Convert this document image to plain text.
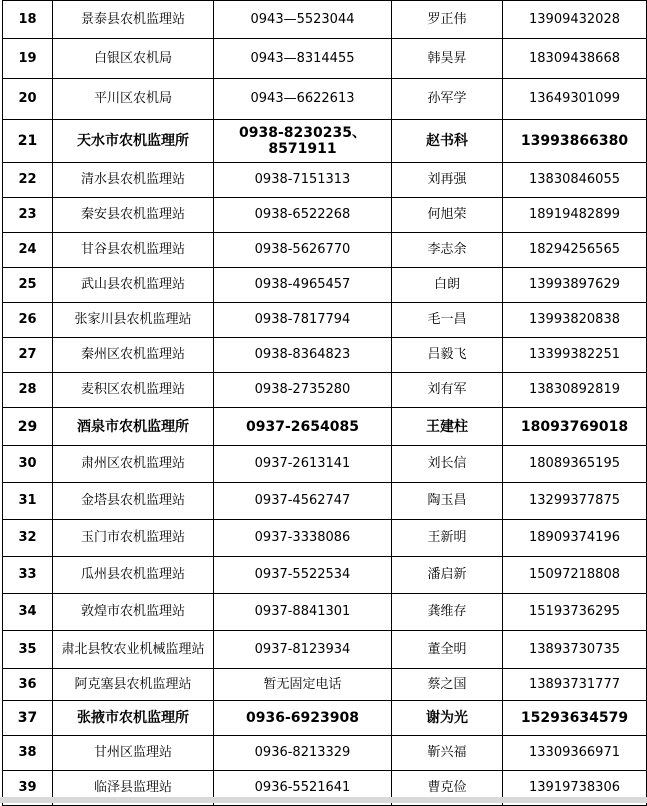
18	景泰县农机监理站	0943—5523044	罗正伟	13909432028
19	白银区农机局	0943—8314455	韩昊昇	18309438668
20	平川区农机局	0943—6622613	孙军学	13649301099
21	天水市农机监理所	0938-8230235、8571911	赵书科	13993866380
22	清水县农机监理站	0938-7151313	刘再强	13830846055
23	秦安县农机监理站	0938-6522268	何旭荣	18919482899
24	甘谷县农机监理站	0938-5626770	李志余	18294256565
25	武山县农机监理站	0938-4965457	白朗	13993897629
26	张家川县农机监理站	0938-7817794	毛一昌	13993820838
27	秦州区农机监理站	0938-8364823	吕毅飞	13399382251
28	麦积区农机监理站	0938-2735280	刘有军	13830892819
29	酒泉市农机监理所	0937-2654085	王建柱	18093769018
30	肃州区农机监理站	0937-2613141	刘长信	18089365195
31	金塔县农机监理站	0937-4562747	陶玉昌	13299377875
32	玉门市农机监理站	0937-3338086	王新明	18909374196
33	瓜州县农机监理站	0937-5522534	潘启新	15097218808
34	敦煌市农机监理站	0937-8841301	龚维存	15193736295
35	肃北县牧农业机械监理站	0937-8123934	董全明	13893730735
36	阿克塞县农机监理站	暂无固定电话	蔡之国	13893731777
37	张掖市农机监理所	0936-6923908	谢为光	15293634579
38	甘州区监理站	0936-8213329	靳兴福	13309366971
39	临泽县监理站	0936-5521641	曹克俭	13919738306
